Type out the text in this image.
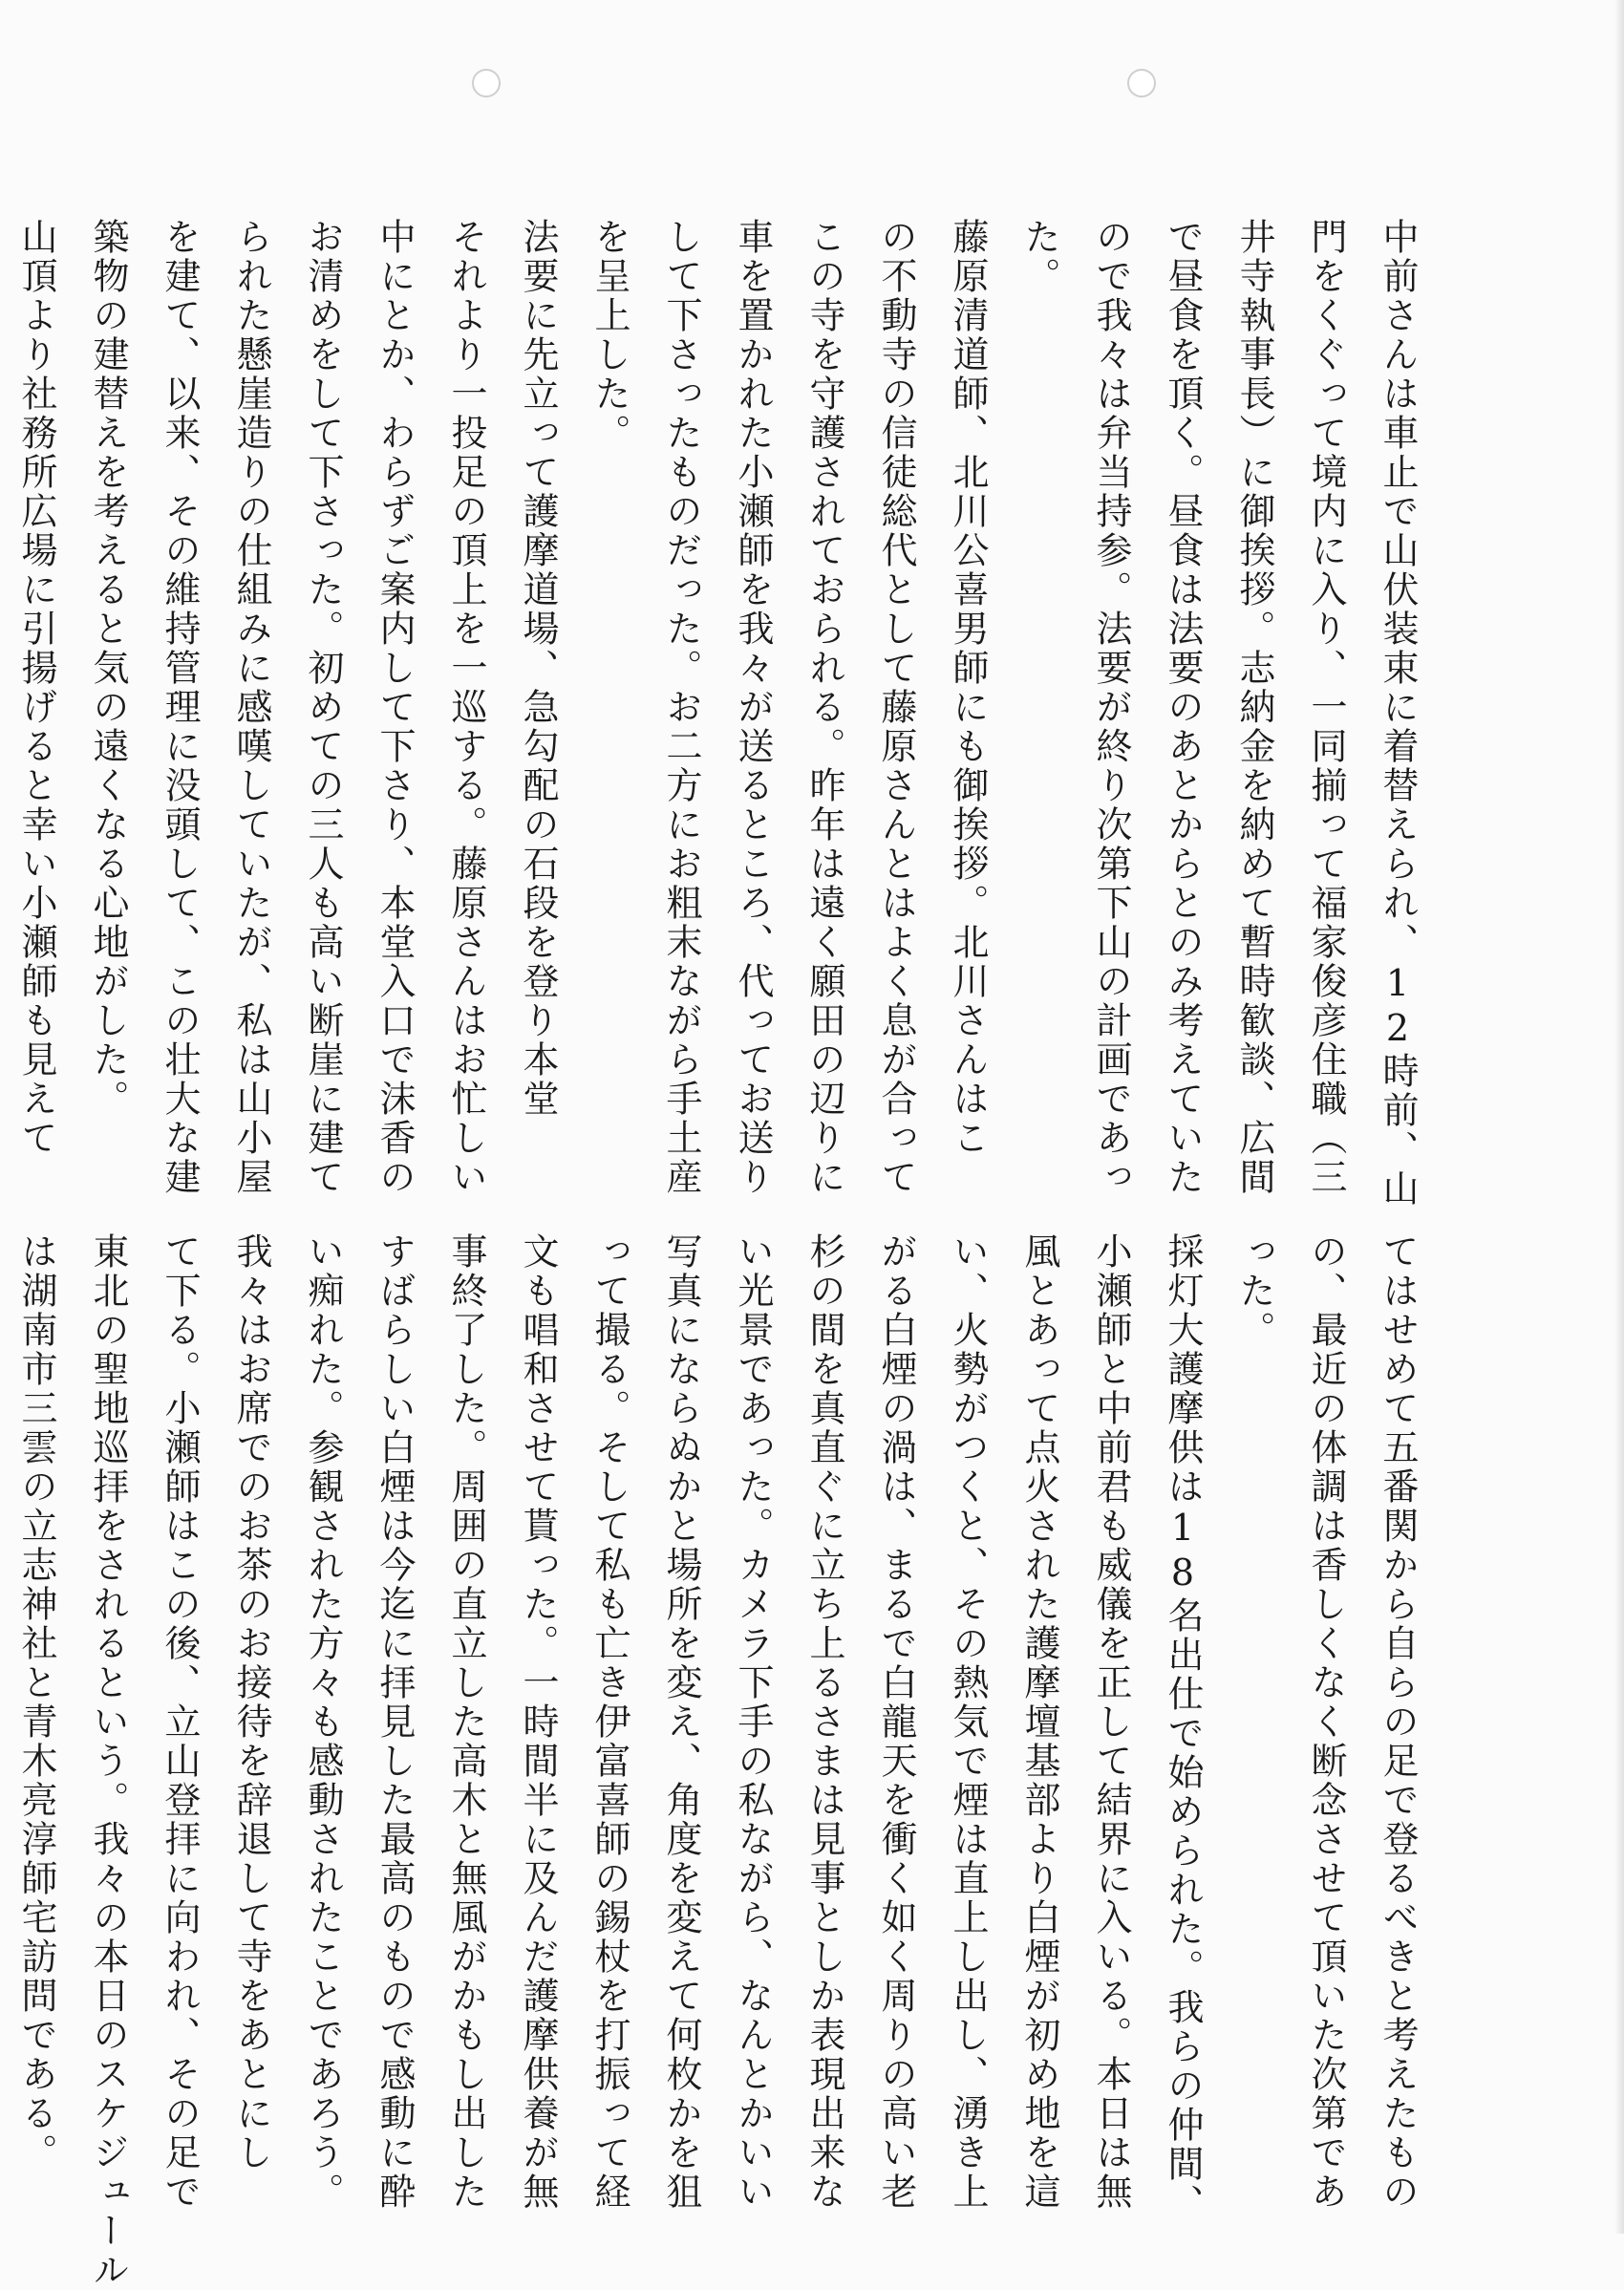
中前さんは車止で山伏装束に着替えられ、12時前、山

門をくぐって境内に入り、一同揃って福家俊彦住職（三

井寺執事長）に御挨拶。志納金を納めて暫時歓談、広間

で昼食を頂く。昼食は法要のあとからとのみ考えていた

ので我々は弁当持参。法要が終り次第下山の計画であっ

た。

藤原清道師、北川公喜男師にも御挨拶。北川さんはこ

の不動寺の信徒総代として藤原さんとはよく息が合って

この寺を守護されておられる。昨年は遠く願田の辺りに

車を置かれた小瀬師を我々が送るところ、代ってお送り

して下さったものだった。お二方にお粗末ながら手土産

を呈上した。

法要に先立って護摩道場、急勾配の石段を登り本堂

それより一投足の頂上を一巡する。藤原さんはお忙しい

中にとか、わらずご案内して下さり、本堂入口で沫香の

お清めをして下さった。初めての三人も高い断崖に建て

られた懸崖造りの仕組みに感嘆していたが、私は山小屋

を建て、以来、その維持管理に没頭して、この壮大な建

築物の建替えを考えると気の遠くなる心地がした。

山頂より社務所広場に引揚げると幸い小瀬師も見えて

てはせめて五番関から自らの足で登るべきと考えたもの

の、最近の体調は香しくなく断念させて頂いた次第であ

った。

採灯大護摩供は18名出仕で始められた。我らの仲間、

小瀬師と中前君も威儀を正して結界に入いる。本日は無

風とあって点火された護摩壇基部より白煙が初め地を這

い、火勢がつくと、その熱気で煙は直上し出し、湧き上

がる白煙の渦は、まるで白龍天を衝く如く周りの高い老

杉の間を真直ぐに立ち上るさまは見事としか表現出来な

い光景であった。カメラ下手の私ながら、なんとかいい

写真にならぬかと場所を変え、角度を変えて何枚かを狙

って撮る。そして私も亡き伊富喜師の錫杖を打振って経

文も唱和させて貰った。一時間半に及んだ護摩供養が無

事終了した。周囲の直立した高木と無風がかもし出した

すばらしい白煙は今迄に拝見した最高のもので感動に酔

い痴れた。参観された方々も感動されたことであろう。

我々はお席でのお茶のお接待を辞退して寺をあとにし

て下る。小瀬師はこの後、立山登拝に向われ、その足で

東北の聖地巡拝をされるという。我々の本日のスケジュール

は湖南市三雲の立志神社と青木亮淳師宅訪問である。
